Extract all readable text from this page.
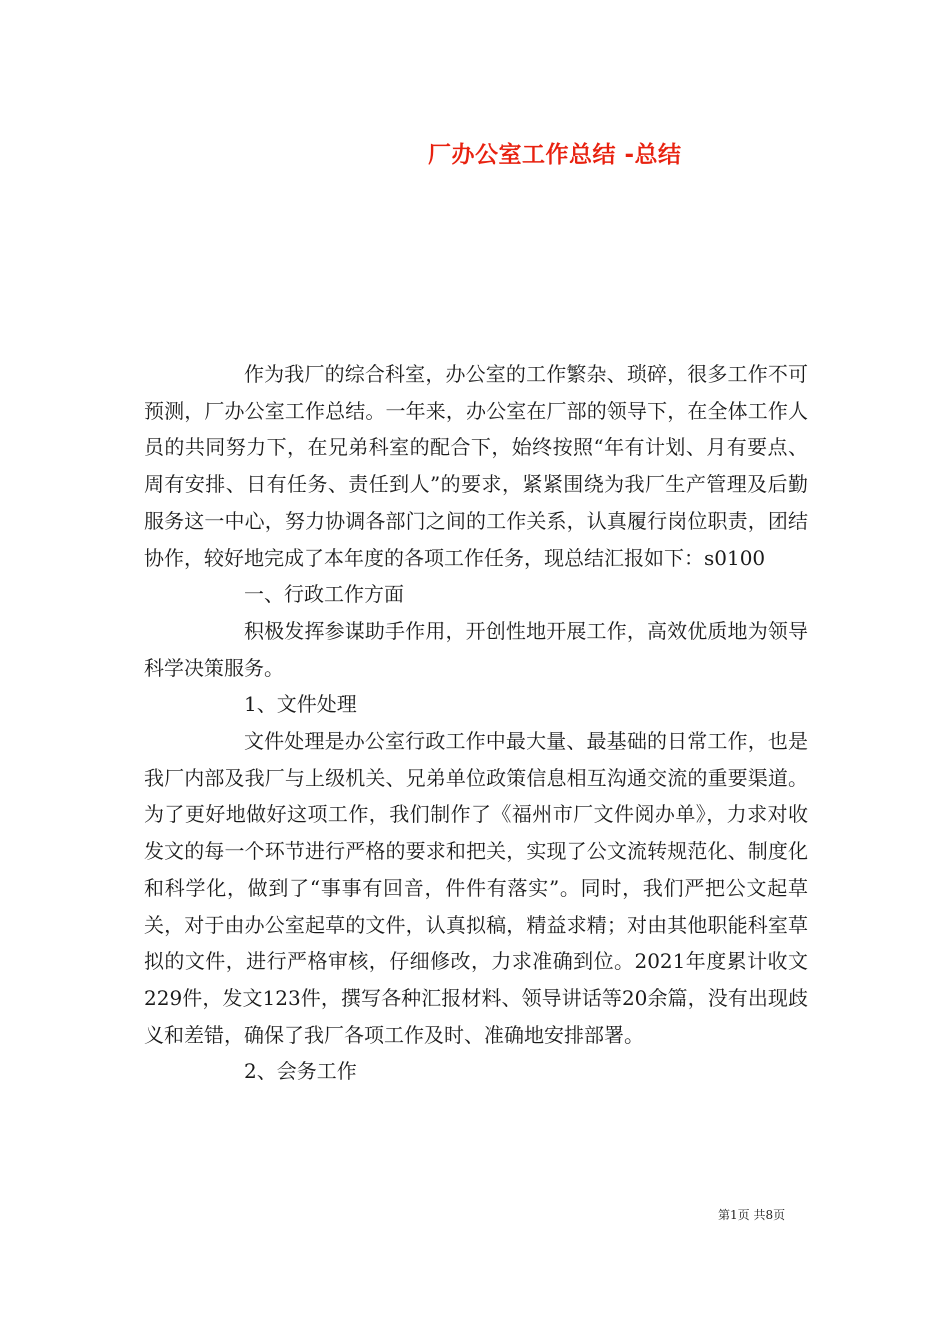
厂办公室工作总结 -总结

作为我厂的综合科室，办公室的工作繁杂、琐碎，很多工作不可预测，厂办公室工作总结。一年来，办公室在厂部的领导下，在全体工作人员的共同努力下，在兄弟科室的配合下，始终按照“年有计划、月有要点、周有安排、日有任务、责任到人”的要求，紧紧围绕为我厂生产管理及后勤服务这一中心，努力协调各部门之间的工作关系，认真履行岗位职责，团结协作，较好地完成了本年度的各项工作任务，现总结汇报如下：s0100

一、行政工作方面

积极发挥参谋助手作用，开创性地开展工作，高效优质地为领导科学决策服务。

1、文件处理

文件处理是办公室行政工作中最大量、最基础的日常工作，也是我厂内部及我厂与上级机关、兄弟单位政策信息相互沟通交流的重要渠道。为了更好地做好这项工作，我们制作了《福州市厂文件阅办单》，力求对收发文的每一个环节进行严格的要求和把关，实现了公文流转规范化、制度化和科学化，做到了“事事有回音，件件有落实”。同时，我们严把公文起草关，对于由办公室起草的文件，认真拟稿，精益求精；对由其他职能科室草拟的文件，进行严格审核，仔细修改，力求准确到位。2021年度累计收文229件，发文123件，撰写各种汇报材料、领导讲话等20余篇，没有出现歧义和差错，确保了我厂各项工作及时、准确地安排部署。

2、会务工作

第1页 共8页
